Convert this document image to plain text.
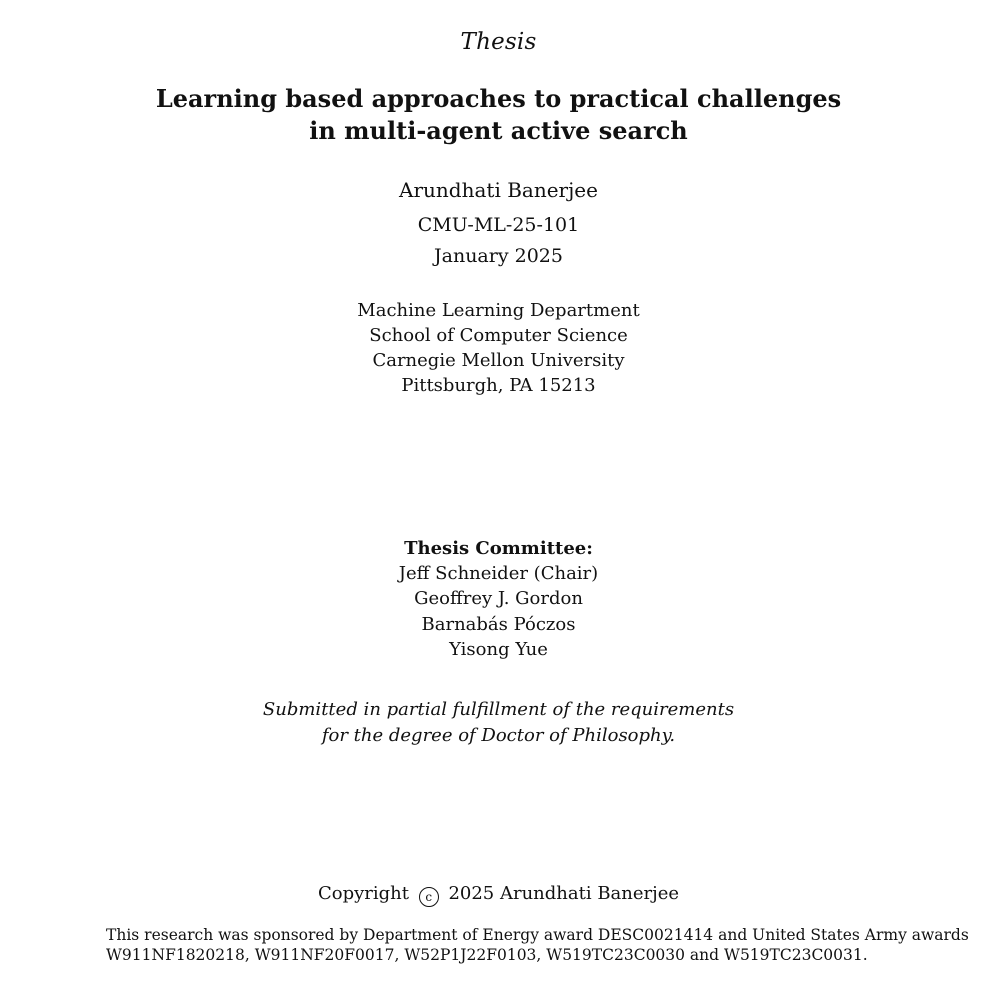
Thesis
Learning based approaches to practical challenges
in multi-agent active search
Arundhati Banerjee
CMU-ML-25-101
January 2025
Machine Learning Department
School of Computer Science
Carnegie Mellon University
Pittsburgh, PA 15213
Thesis Committee:
Jeff Schneider (Chair)
Geoffrey J. Gordon
Barnabás Póczos
Yisong Yue
Submitted in partial fulfillment of the requirements
for the degree of Doctor of Philosophy.
Copyright c 2025 Arundhati Banerjee
This research was sponsored by Department of Energy award DESC0021414 and United States Army awards
W911NF1820218, W911NF20F0017, W52P1J22F0103, W519TC23C0030 and W519TC23C0031.
